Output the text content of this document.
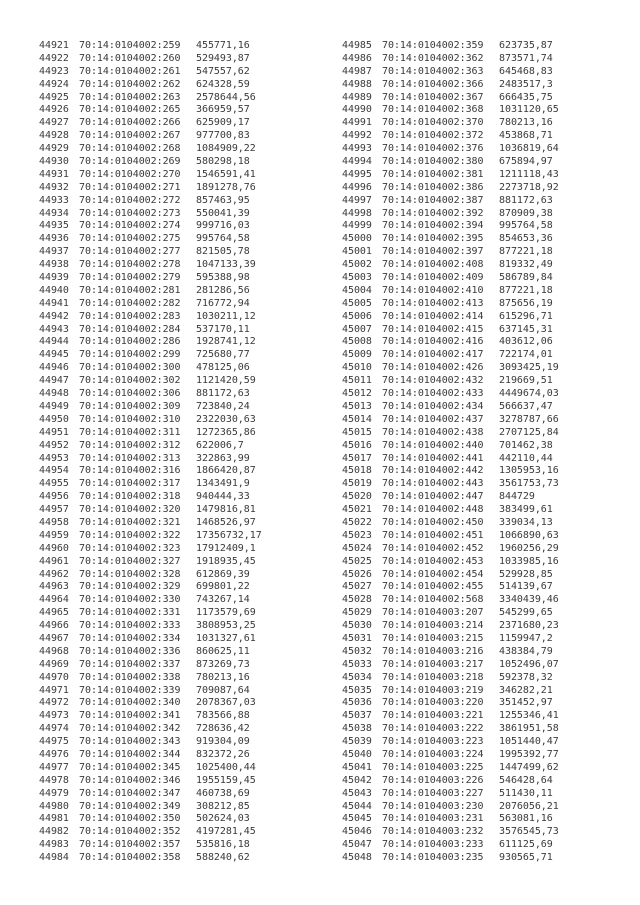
44921 70:14:0104002:259 455771,16
44922 70:14:0104002:260 529493,87
44923 70:14:0104002:261 547557,62
44924 70:14:0104002:262 624328,59
44925 70:14:0104002:263 2578644,56
44926 70:14:0104002:265 366959,57
44927 70:14:0104002:266 625909,17
44928 70:14:0104002:267 977700,83
44929 70:14:0104002:268 1084909,22
44930 70:14:0104002:269 580298,18
44931 70:14:0104002:270 1546591,41
44932 70:14:0104002:271 1891278,76
44933 70:14:0104002:272 857463,95
44934 70:14:0104002:273 550041,39
44935 70:14:0104002:274 999716,03
44936 70:14:0104002:275 995764,58
44937 70:14:0104002:277 821505,78
44938 70:14:0104002:278 1047133,39
44939 70:14:0104002:279 595388,98
44940 70:14:0104002:281 281286,56
44941 70:14:0104002:282 716772,94
44942 70:14:0104002:283 1030211,12
44943 70:14:0104002:284 537170,11
44944 70:14:0104002:286 1928741,12
44945 70:14:0104002:299 725680,77
44946 70:14:0104002:300 478125,06
44947 70:14:0104002:302 1121420,59
44948 70:14:0104002:306 881172,63
44949 70:14:0104002:309 723840,24
44950 70:14:0104002:310 2322030,63
44951 70:14:0104002:311 1272365,86
44952 70:14:0104002:312 622006,7
44953 70:14:0104002:313 322863,99
44954 70:14:0104002:316 1866420,87
44955 70:14:0104002:317 1343491,9
44956 70:14:0104002:318 940444,33
44957 70:14:0104002:320 1479816,81
44958 70:14:0104002:321 1468526,97
44959 70:14:0104002:322 17356732,17
44960 70:14:0104002:323 17912409,1
44961 70:14:0104002:327 1918935,45
44962 70:14:0104002:328 612869,39
44963 70:14:0104002:329 699801,22
44964 70:14:0104002:330 743267,14
44965 70:14:0104002:331 1173579,69
44966 70:14:0104002:333 3808953,25
44967 70:14:0104002:334 1031327,61
44968 70:14:0104002:336 860625,11
44969 70:14:0104002:337 873269,73
44970 70:14:0104002:338 780213,16
44971 70:14:0104002:339 709087,64
44972 70:14:0104002:340 2078367,03
44973 70:14:0104002:341 783566,88
44974 70:14:0104002:342 728636,42
44975 70:14:0104002:343 919304,09
44976 70:14:0104002:344 832372,26
44977 70:14:0104002:345 1025400,44
44978 70:14:0104002:346 1955159,45
44979 70:14:0104002:347 460738,69
44980 70:14:0104002:349 308212,85
44981 70:14:0104002:350 502624,03
44982 70:14:0104002:352 4197281,45
44983 70:14:0104002:357 535816,18
44984 70:14:0104002:358 588240,62
44985 70:14:0104002:359 623735,87
44986 70:14:0104002:362 873571,74
44987 70:14:0104002:363 645468,83
44988 70:14:0104002:366 2483517,3
44989 70:14:0104002:367 666435,75
44990 70:14:0104002:368 1031120,65
44991 70:14:0104002:370 780213,16
44992 70:14:0104002:372 453868,71
44993 70:14:0104002:376 1036819,64
44994 70:14:0104002:380 675894,97
44995 70:14:0104002:381 1211118,43
44996 70:14:0104002:386 2273718,92
44997 70:14:0104002:387 881172,63
44998 70:14:0104002:392 870909,38
44999 70:14:0104002:394 995764,58
45000 70:14:0104002:395 854653,36
45001 70:14:0104002:397 877221,18
45002 70:14:0104002:408 819332,49
45003 70:14:0104002:409 586789,84
45004 70:14:0104002:410 877221,18
45005 70:14:0104002:413 875656,19
45006 70:14:0104002:414 615296,71
45007 70:14:0104002:415 637145,31
45008 70:14:0104002:416 403612,06
45009 70:14:0104002:417 722174,01
45010 70:14:0104002:426 3093425,19
45011 70:14:0104002:432 219669,51
45012 70:14:0104002:433 4449674,03
45013 70:14:0104002:434 566637,47
45014 70:14:0104002:437 3278787,66
45015 70:14:0104002:438 2707125,84
45016 70:14:0104002:440 701462,38
45017 70:14:0104002:441 442110,44
45018 70:14:0104002:442 1305953,16
45019 70:14:0104002:443 3561753,73
45020 70:14:0104002:447 844729
45021 70:14:0104002:448 383499,61
45022 70:14:0104002:450 339034,13
45023 70:14:0104002:451 1066890,63
45024 70:14:0104002:452 1960256,29
45025 70:14:0104002:453 1033985,16
45026 70:14:0104002:454 529928,85
45027 70:14:0104002:455 514139,67
45028 70:14:0104002:568 3340439,46
45029 70:14:0104003:207 545299,65
45030 70:14:0104003:214 2371680,23
45031 70:14:0104003:215 1159947,2
45032 70:14:0104003:216 438384,79
45033 70:14:0104003:217 1052496,07
45034 70:14:0104003:218 592378,32
45035 70:14:0104003:219 346282,21
45036 70:14:0104003:220 351452,97
45037 70:14:0104003:221 1255346,41
45038 70:14:0104003:222 3861951,58
45039 70:14:0104003:223 1051440,47
45040 70:14:0104003:224 1995392,77
45041 70:14:0104003:225 1447499,62
45042 70:14:0104003:226 546428,64
45043 70:14:0104003:227 511430,11
45044 70:14:0104003:230 2076056,21
45045 70:14:0104003:231 563081,16
45046 70:14:0104003:232 3576545,73
45047 70:14:0104003:233 611125,69
45048 70:14:0104003:235 930565,71
